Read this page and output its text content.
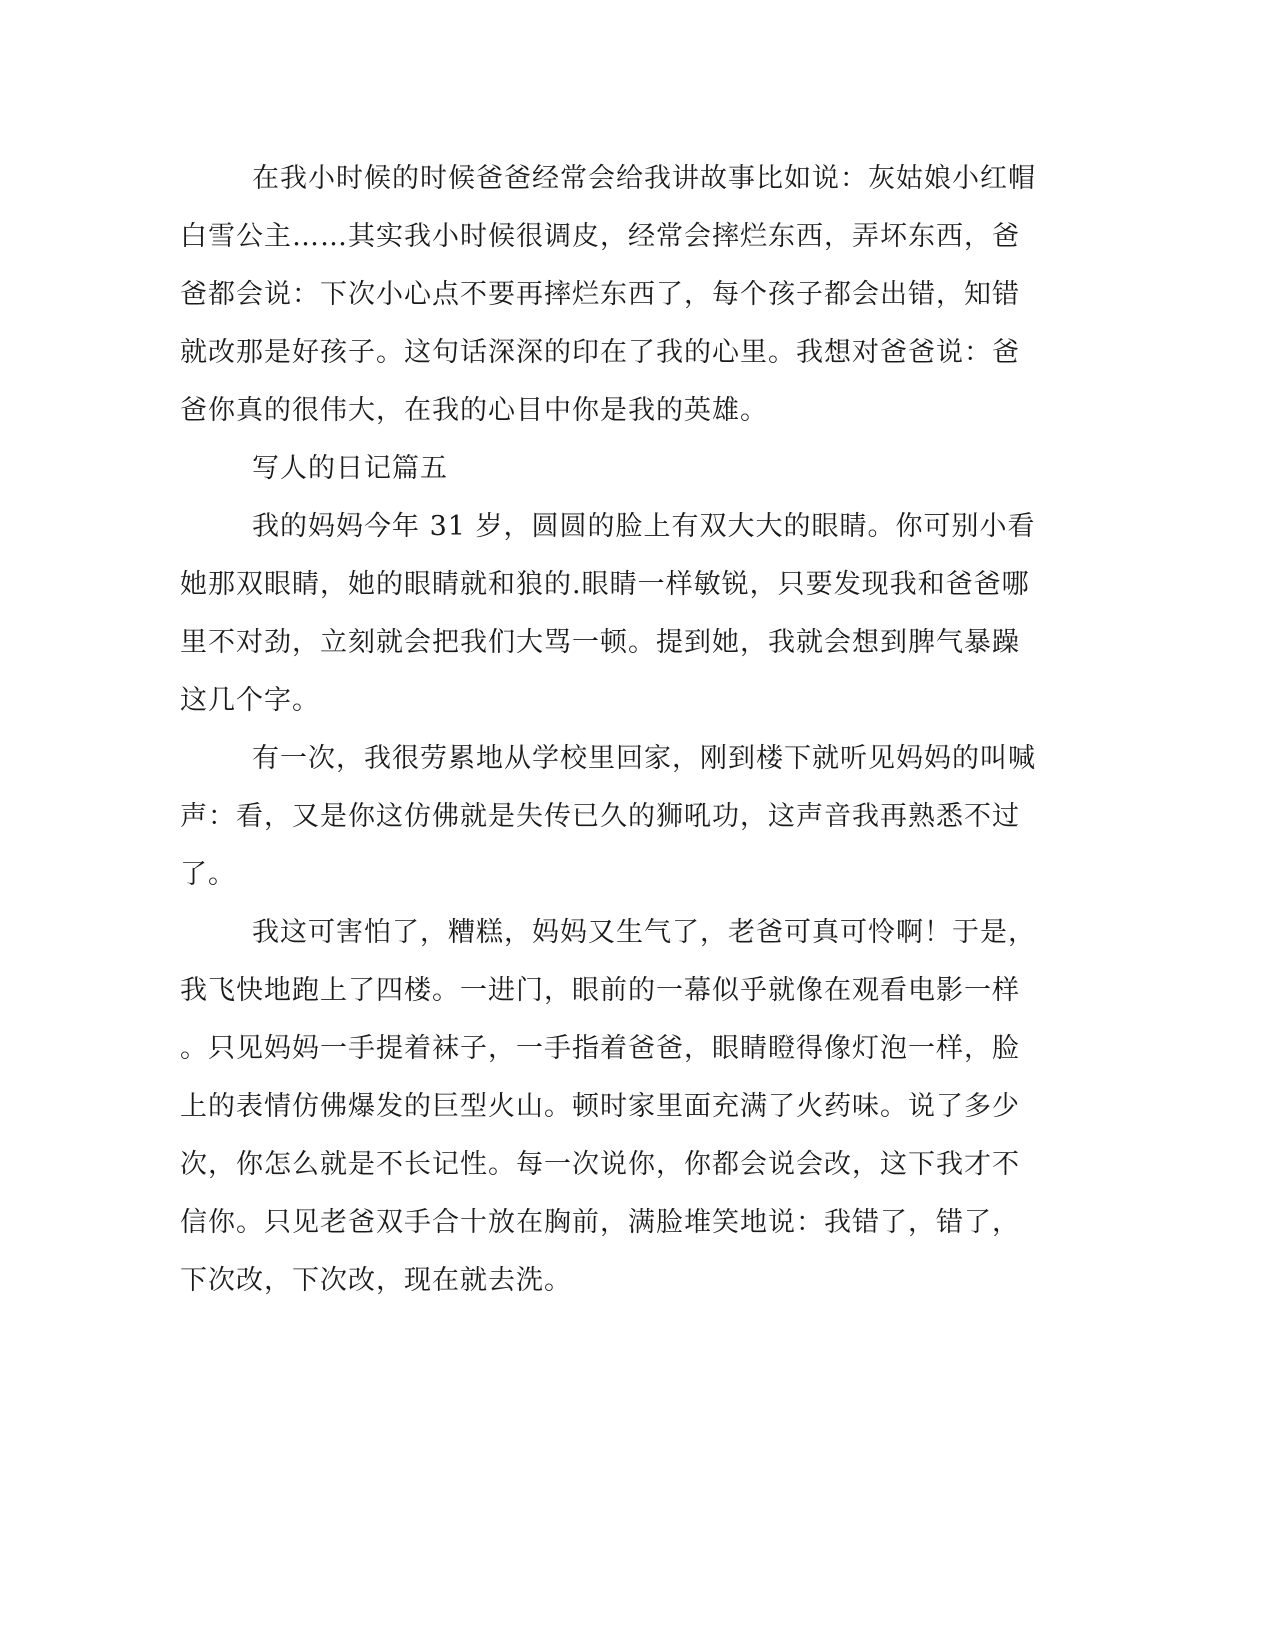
在我小时候的时候爸爸经常会给我讲故事比如说：灰姑娘小红帽
白雪公主……其实我小时候很调皮，经常会摔烂东西，弄坏东西，爸
爸都会说：下次小心点不要再摔烂东西了，每个孩子都会出错，知错
就改那是好孩子。这句话深深的印在了我的心里。我想对爸爸说：爸
爸你真的很伟大，在我的心目中你是我的英雄。
写人的日记篇五
我的妈妈今年 31 岁，圆圆的脸上有双大大的眼睛。你可别小看
她那双眼睛，她的眼睛就和狼的.眼睛一样敏锐，只要发现我和爸爸哪
里不对劲，立刻就会把我们大骂一顿。提到她，我就会想到脾气暴躁
这几个字。
有一次，我很劳累地从学校里回家，刚到楼下就听见妈妈的叫喊
声：看，又是你这仿佛就是失传已久的狮吼功，这声音我再熟悉不过
了。
我这可害怕了，糟糕，妈妈又生气了，老爸可真可怜啊！于是，
我飞快地跑上了四楼。一进门，眼前的一幕似乎就像在观看电影一样
。只见妈妈一手提着袜子，一手指着爸爸，眼睛瞪得像灯泡一样，脸
上的表情仿佛爆发的巨型火山。顿时家里面充满了火药味。说了多少
次，你怎么就是不长记性。每一次说你，你都会说会改，这下我才不
信你。只见老爸双手合十放在胸前，满脸堆笑地说：我错了，错了，
下次改，下次改，现在就去洗。
